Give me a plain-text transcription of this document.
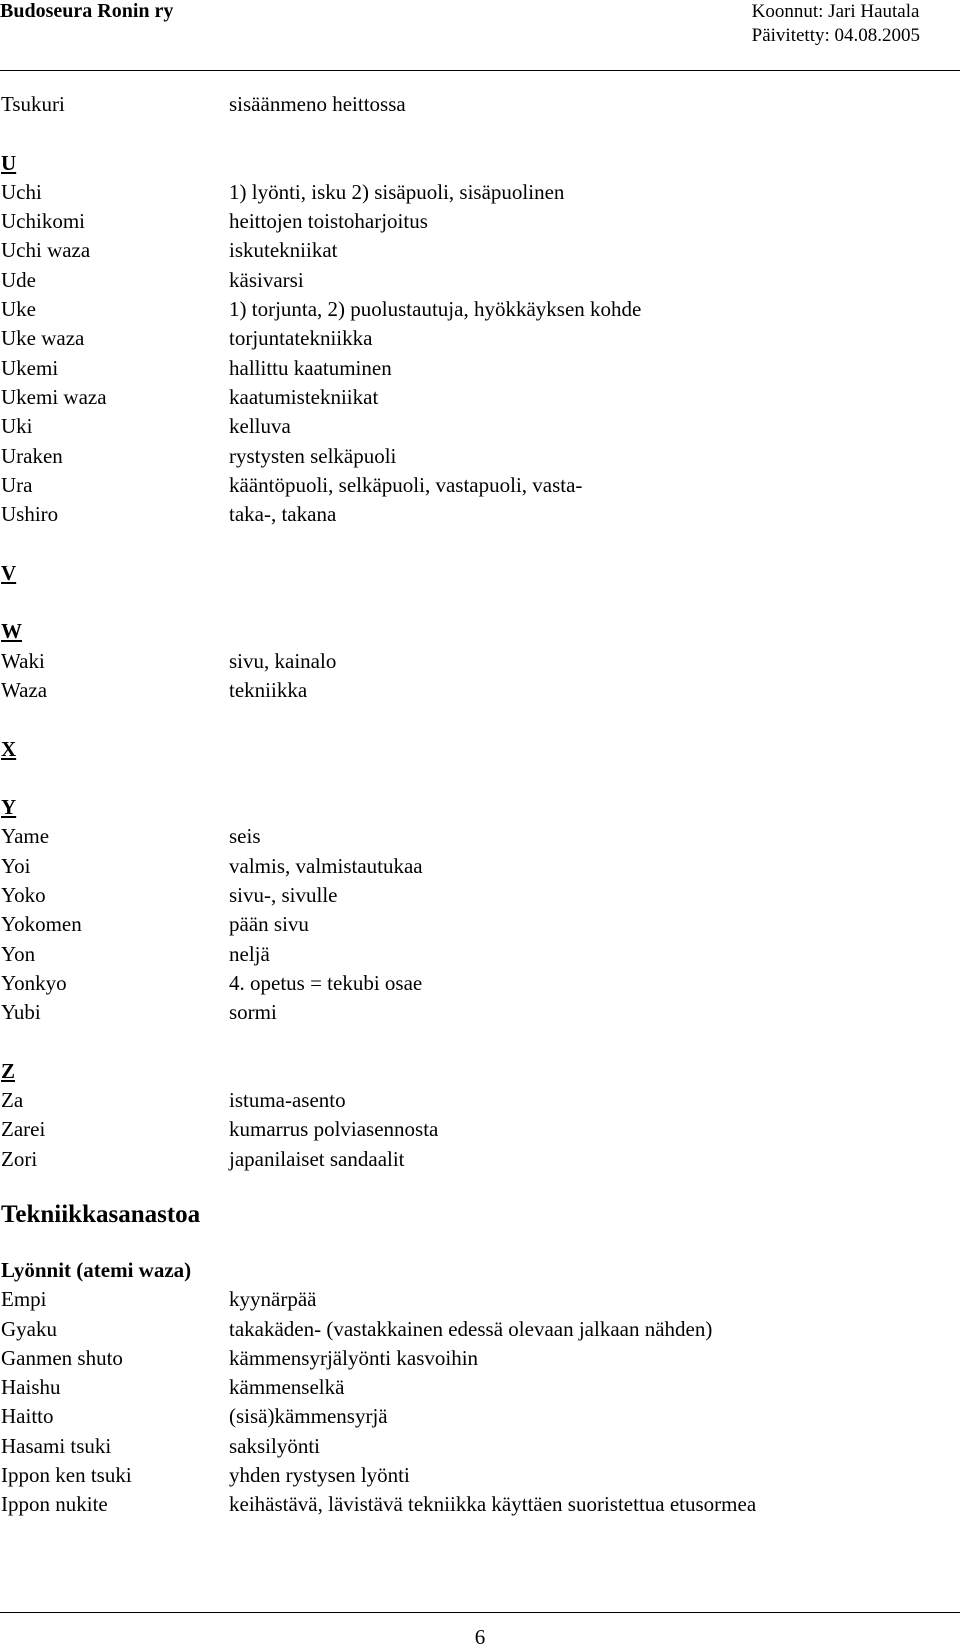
Budoseura Ronin ry	Koonnut: Jari Hautala
Päivitetty: 04.08.2005
Tsukuri	sisäänmeno heittossa
U
Uchi	1) lyönti, isku 2) sisäpuoli, sisäpuolinen
Uchikomi	heittojen toistoharjoitus
Uchi waza	iskutekniikat
Ude	käsivarsi
Uke	1) torjunta, 2) puolustautuja, hyökkäyksen kohde
Uke waza	torjuntatekniikka
Ukemi	hallittu kaatuminen
Ukemi waza	kaatumistekniikat
Uki	kelluva
Uraken	rystysten selkäpuoli
Ura	kääntöpuoli, selkäpuoli, vastapuoli, vasta-
Ushiro	taka-, takana
V
W
Waki	sivu, kainalo
Waza	tekniikka
X
Y
Yame	seis
Yoi	valmis, valmistautukaa
Yoko	sivu-, sivulle
Yokomen	pään sivu
Yon	neljä
Yonkyo	4. opetus = tekubi osae
Yubi	sormi
Z
Za	istuma-asento
Zarei	kumarrus polviasennosta
Zori	japanilaiset sandaalit
Tekniikkasanastoa
Lyönnit (atemi waza)
Empi	kyynärpää
Gyaku	takakäden- (vastakkainen edessä olevaan jalkaan nähden)
Ganmen shuto	kämmensyrjälyönti kasvoihin
Haishu	kämmenselkä
Haitto	(sisä)kämmensyrjä
Hasami tsuki	saksilyönti
Ippon ken tsuki	yhden rystysen lyönti
Ippon nukite	keihästävä, lävistävä tekniikka käyttäen suoristettua etusormea
6
